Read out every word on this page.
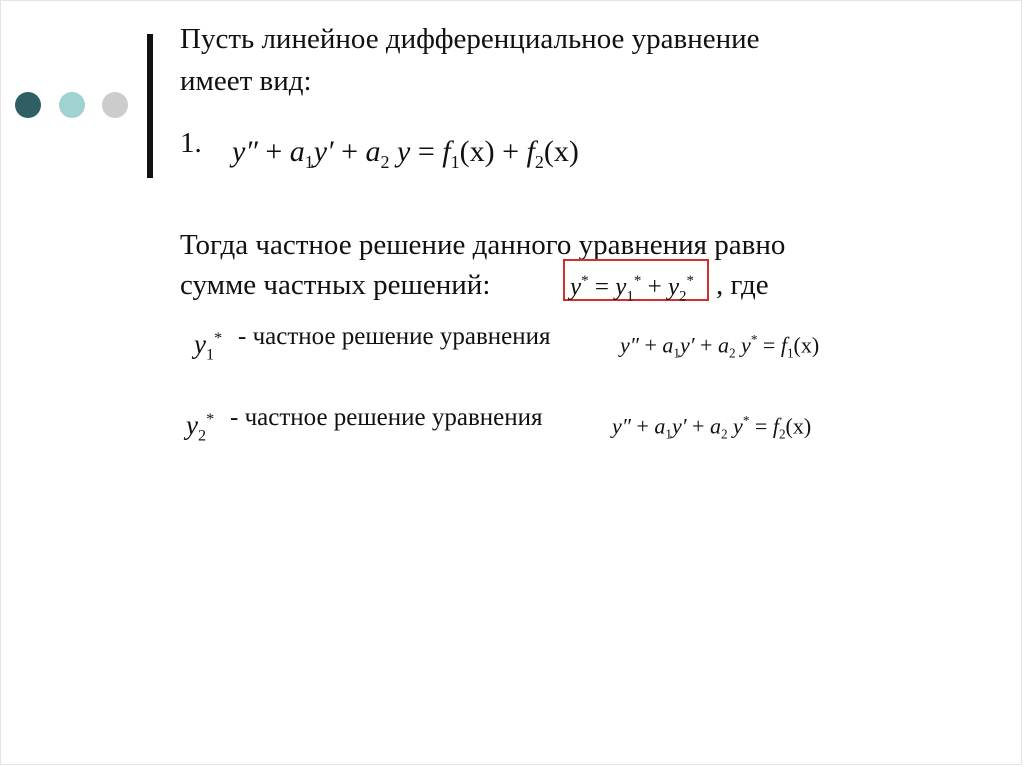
Пусть линейное дифференциальное уравнение
имеет вид:
1. $y'' + a_1y' + a_2$ $y = f_1(x) + f_2(x)$
Тогда частное решение данного уравнения равно
сумме частных решений:	$y^* = y_1^* + y_2^*$ , где
$y_1^*$ - частное решение уравнения	$y'' + a_1y' + a_2$ $y^* = f_1(x)$
$y_2^*$ - частное решение уравнения	$y'' + a_1y' + a_2$ $y^* = f_2(x)$
